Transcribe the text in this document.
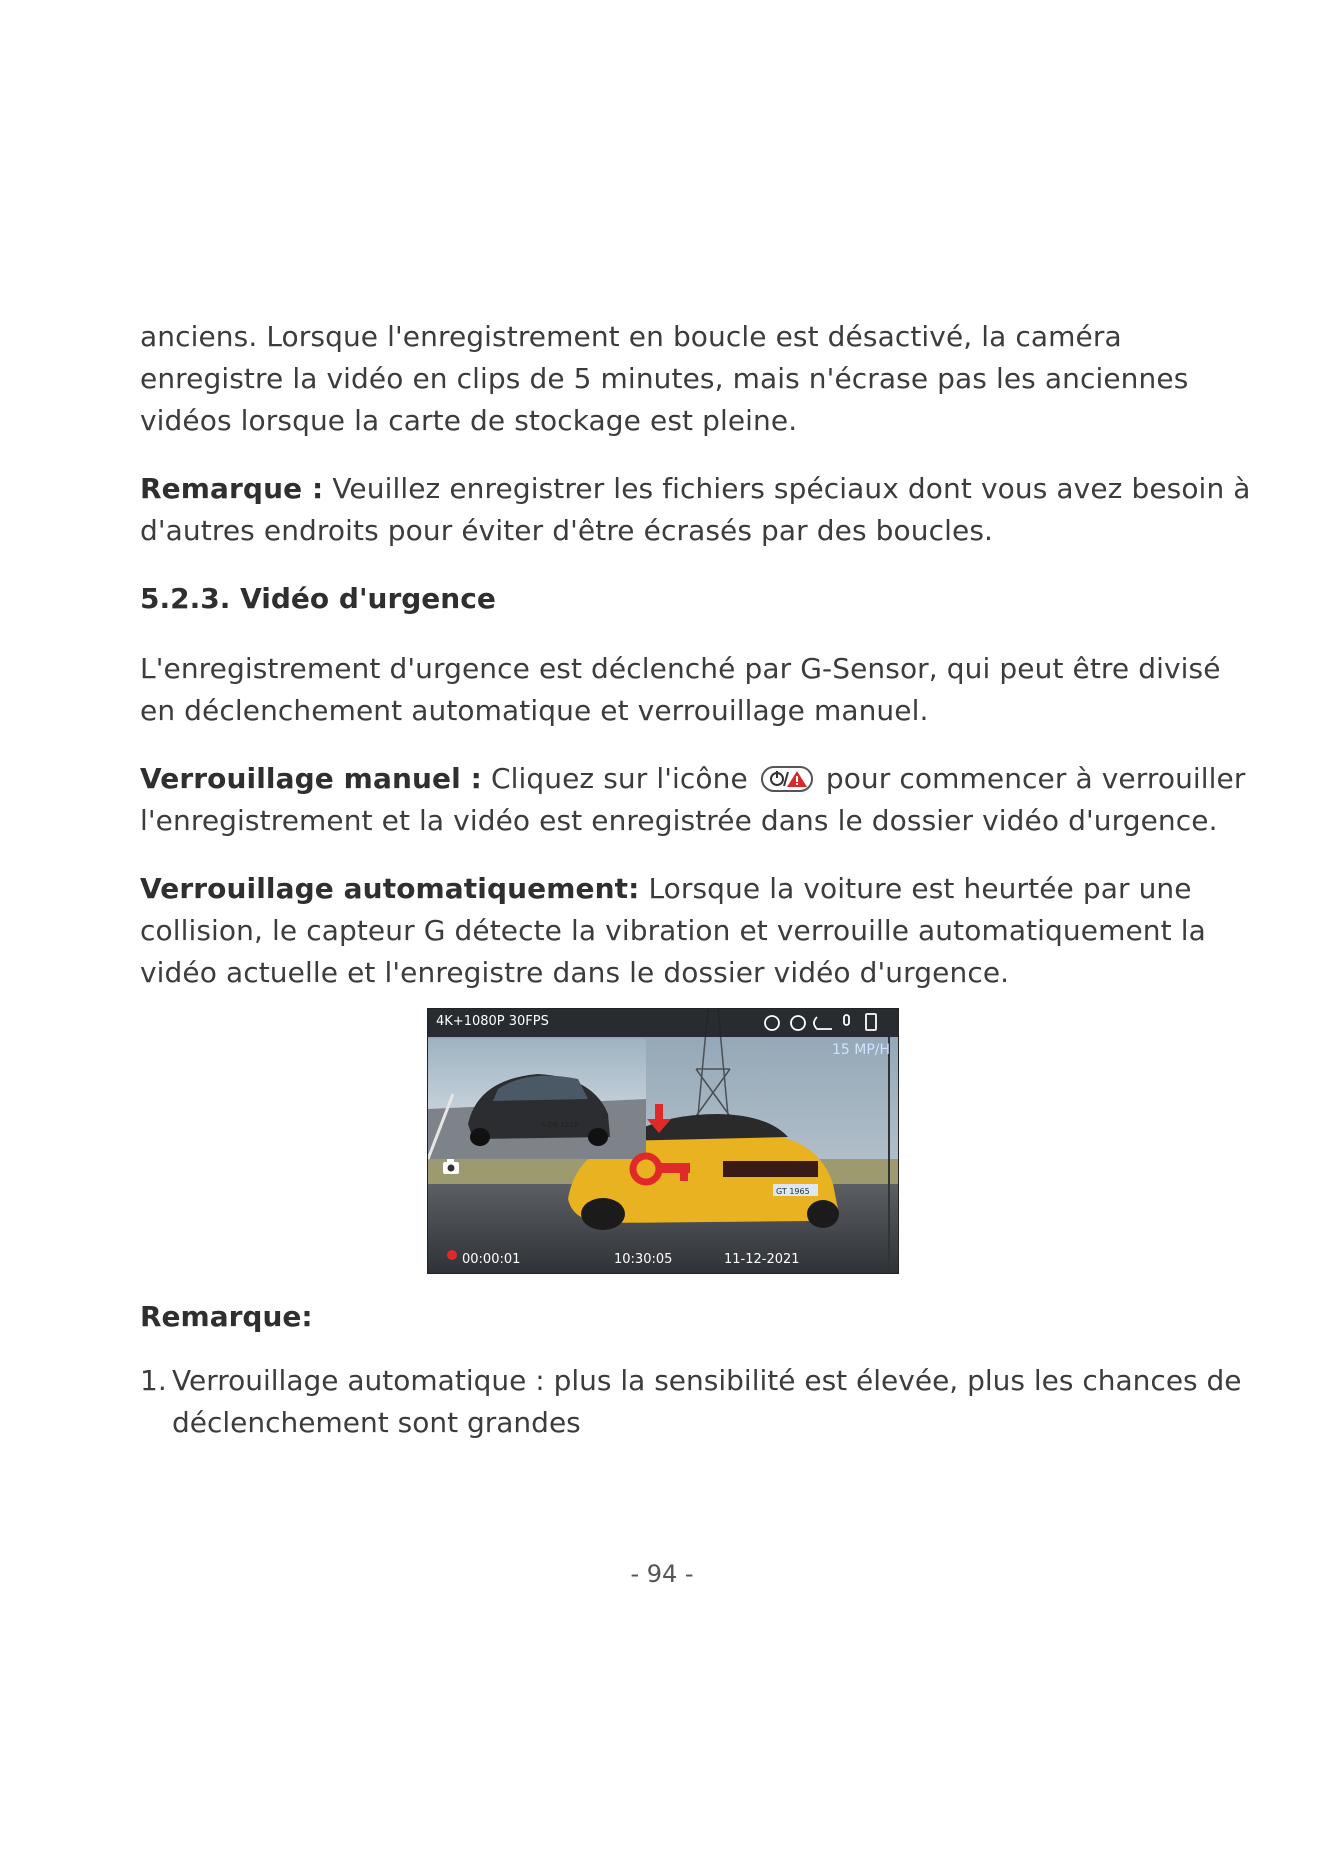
anciens. Lorsque l'enregistrement en boucle est désactivé, la caméra enregistre la vidéo en clips de 5 minutes, mais n'écrase pas les anciennes vidéos lorsque la carte de stockage est pleine.

Remarque : Veuillez enregistrer les fichiers spéciaux dont vous avez besoin à d'autres endroits pour éviter d'être écrasés par des boucles.

5.2.3. Vidéo d'urgence

L'enregistrement d'urgence est déclenché par G-Sensor, qui peut être divisé en déclenchement automatique et verrouillage manuel.

Verrouillage manuel : Cliquez sur l'icône
pour commencer à verrouiller l'enregistrement et la vidéo est enregistrée dans le dossier vidéo d'urgence.

Verrouillage automatiquement: Lorsque la voiture est heurtée par une collision, le capteur G détecte la vibration et verrouille automatiquement la vidéo actuelle et l'enregistre dans le dossier vidéo d'urgence.

GT 1965
S-DB 1216
4K+1080P 30FPS
15 MP/H
00:00:01	10:30:05	11-12-2021
Remarque:
1. Verrouillage automatique : plus la sensibilité est élevée, plus les chances de déclenchement sont grandes
- 94 -
